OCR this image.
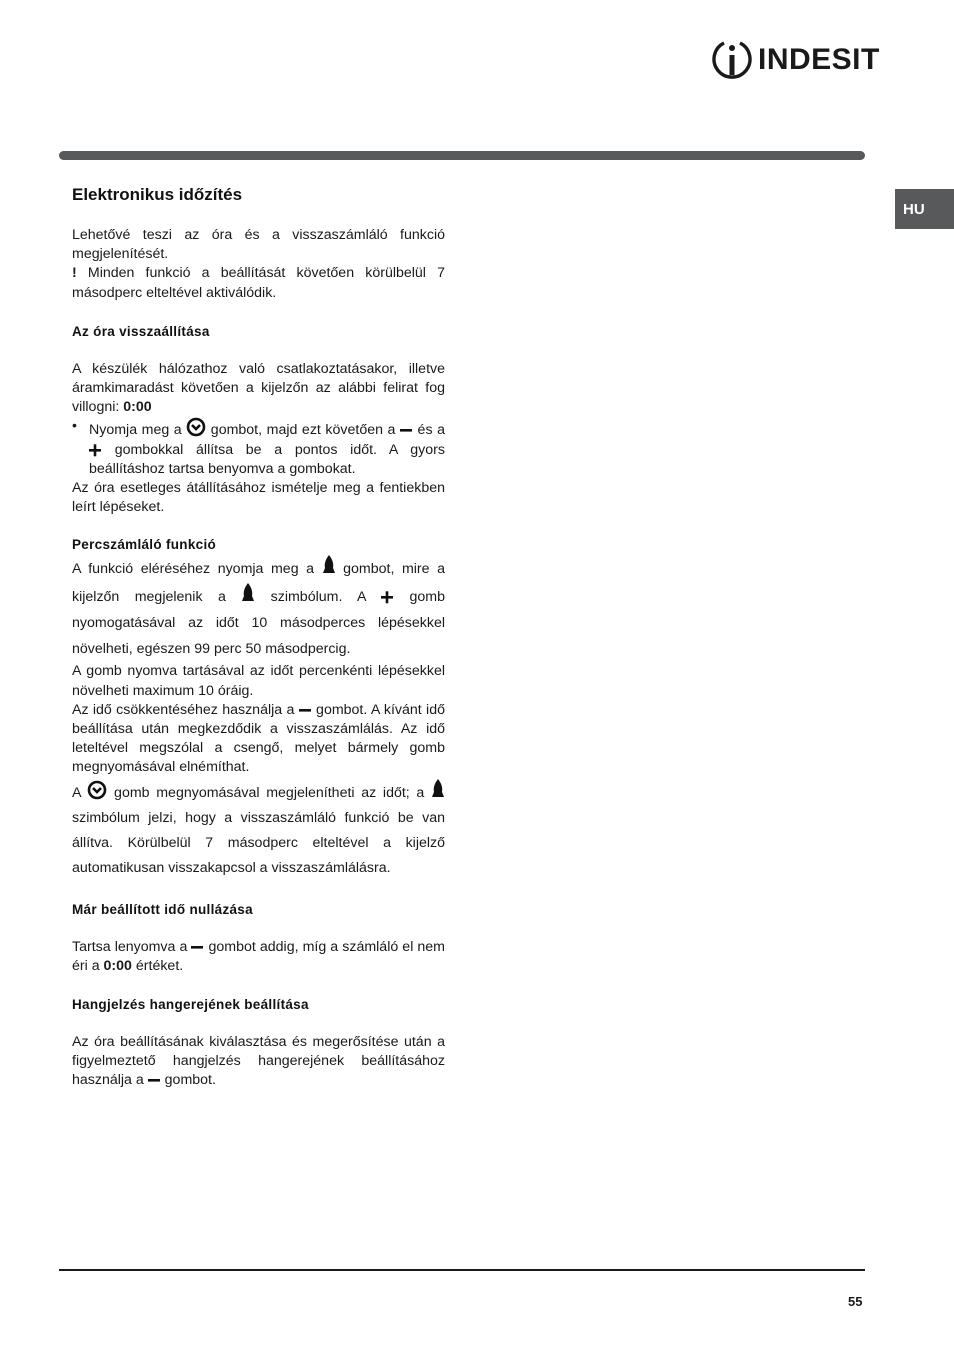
INDESIT
HU
Elektronikus időzítés

Lehetővé teszi az óra és a visszaszámláló funkció megjelenítését.
! Minden funkció a beállítását követően körülbelül 7 másodperc elteltével aktiválódik.

Az óra visszaállítása

A készülék hálózathoz való csatlakoztatásakor, illetve áramkimaradást követően a kijelzőn az alábbi felirat fog villogni: 0:00

• Nyomja meg a  gombot, majd ezt követően a  és a  gombokkal állítsa be a pontos időt. A gyors beállításhoz tartsa benyomva a gombokat.

Az óra esetleges átállításához ismételje meg a fentiekben leírt lépéseket.

Percszámláló funkció

A funkció eléréséhez nyomja meg a  gombot, mire a kijelzőn megjelenik a  szimbólum. A  gomb nyomogatásával az időt 10 másodperces lépésekkel növelheti, egészen 99 perc 50 másodpercig.

A gomb nyomva tartásával az időt percenkénti lépésekkel növelheti maximum 10 óráig.

Az idő csökkentéséhez használja a  gombot. A kívánt idő beállítása után megkezdődik a visszaszámlálás. Az idő leteltével megszólal a csengő, melyet bármely gomb megnyomásával elnémíthat.

A  gomb megnyomásával megjelenítheti az időt; a  szimbólum jelzi, hogy a visszaszámláló funkció be van állítva. Körülbelül 7 másodperc elteltével a kijelző automatikusan visszakapcsol a visszaszámlálásra.

Már beállított idő nullázása

Tartsa lenyomva a  gombot addig, míg a számláló el nem éri a 0:00 értéket.

Hangjelzés hangerejének beállítása

Az óra beállításának kiválasztása és megerősítése után a figyelmeztető hangjelzés hangerejének beállításához használja a  gombot.

55
